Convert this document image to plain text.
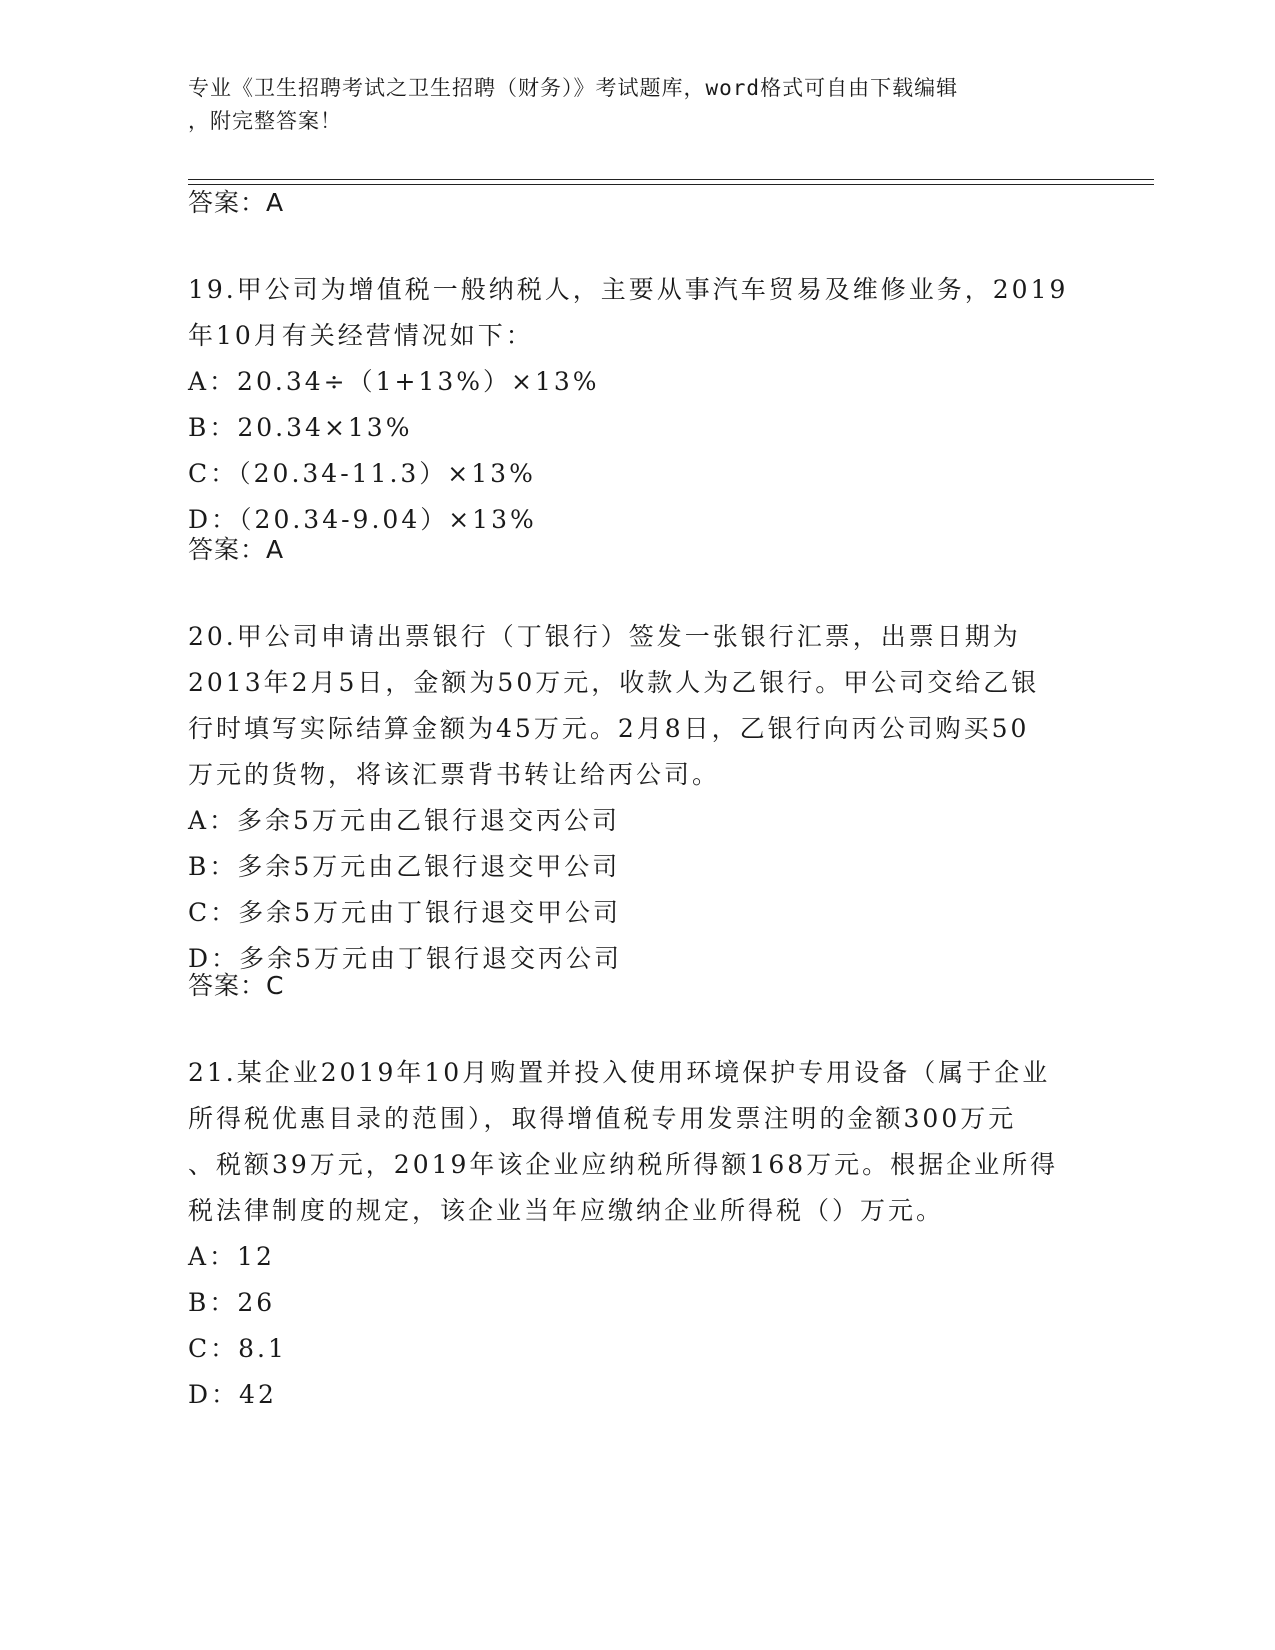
专业《卫生招聘考试之卫生招聘（财务）》考试题库，word格式可自由下载编辑
，附完整答案！
答案：A
19.甲公司为增值税一般纳税人，主要从事汽车贸易及维修业务，2019
年10月有关经营情况如下：
A：20.34÷（1+13%）×13%
B：20.34×13%
C：（20.34-11.3）×13%
D：（20.34-9.04）×13%
答案：A
20.甲公司申请出票银行（丁银行）签发一张银行汇票，出票日期为
2013年2月5日，金额为50万元，收款人为乙银行。甲公司交给乙银
行时填写实际结算金额为45万元。2月8日，乙银行向丙公司购买50
万元的货物，将该汇票背书转让给丙公司。
A：多余5万元由乙银行退交丙公司
B：多余5万元由乙银行退交甲公司
C：多余5万元由丁银行退交甲公司
D：多余5万元由丁银行退交丙公司
答案：C
21.某企业2019年10月购置并投入使用环境保护专用设备（属于企业
所得税优惠目录的范围），取得增值税专用发票注明的金额300万元
、税额39万元，2019年该企业应纳税所得额168万元。根据企业所得
税法律制度的规定，该企业当年应缴纳企业所得税（）万元。
A：12
B：26
C：8.1
D：42
